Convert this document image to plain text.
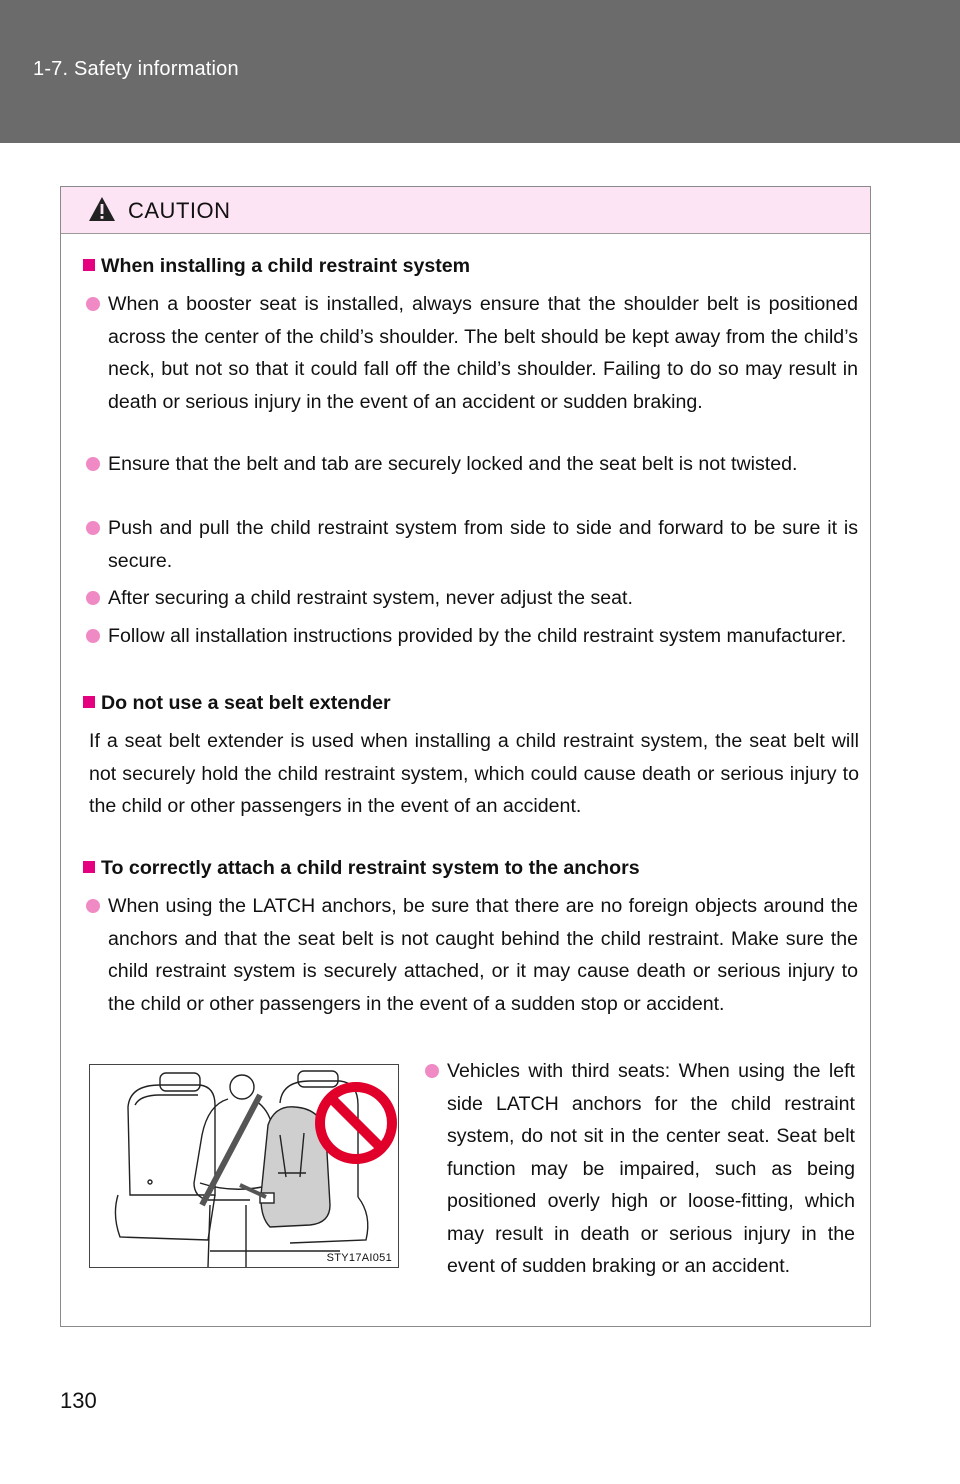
1-7. Safety information
CAUTION
When installing a child restraint system
When a booster seat is installed, always ensure that the shoulder belt is positioned across the center of the child’s shoulder. The belt should be kept away from the child’s neck, but not so that it could fall off the child’s shoulder. Failing to do so may result in death or serious injury in the event of an accident or sudden braking.
Ensure that the belt and tab are securely locked and the seat belt is not twisted.
Push and pull the child restraint system from side to side and forward to be sure it is secure.
After securing a child restraint system, never adjust the seat.
Follow all installation instructions provided by the child restraint system manufacturer.
Do not use a seat belt extender
If a seat belt extender is used when installing a child restraint system, the seat belt will not securely hold the child restraint system, which could cause death or serious injury to the child or other passengers in the event of an accident.
To correctly attach a child restraint system to the anchors
When using the LATCH anchors, be sure that there are no foreign objects around the anchors and that the seat belt is not caught behind the child restraint. Make sure the child restraint system is securely attached, or it may cause death or serious injury to the child or other passengers in the event of a sudden stop or accident.
STY17AI051
Vehicles with third seats: When using the left side LATCH anchors for the child restraint system, do not sit in the center seat. Seat belt function may be impaired, such as being positioned overly high or loose-fitting, which may result in death or serious injury in the event of sudden braking or an accident.
130
